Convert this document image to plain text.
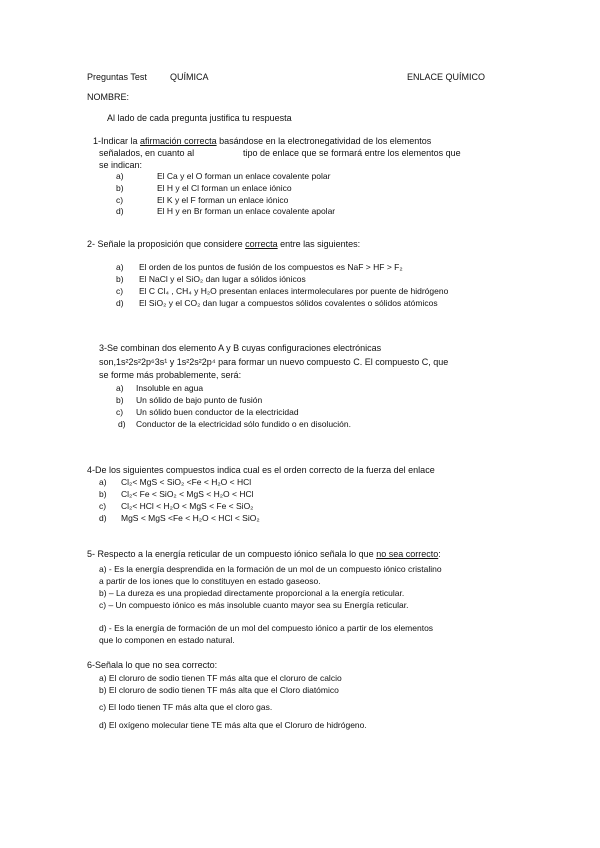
Preguntas Test	QUÍMICA	ENLACE QUÍMICO
NOMBRE:
Al lado de cada pregunta justifica tu respuesta
1-Indicar la afirmación correcta basándose en la electronegatividad de los elementos
señalados, en cuanto al	tipo de enlace que se formará entre los elementos que
se indican:
a)	El Ca y el O forman un enlace covalente polar
b)	El H y el Cl forman un enlace iónico
c)	El K y el F forman un enlace iónico
d)	El H y en Br forman un enlace covalente apolar
2- Señale la proposición que considere correcta entre las siguientes:
a) El orden de los puntos de fusión de los compuestos es NaF > HF > F₂
b) El NaCl y el SiO₂ dan lugar a sólidos iónicos
c) El C Cl₄ , CH₄ y H₂O presentan enlaces intermoleculares por puente de hidrógeno
d) El SiO₂ y el CO₂ dan lugar a compuestos sólidos covalentes o sólidos atómicos
3-Se combinan dos elemento A y B cuyas configuraciones electrónicas
son,1s²2s²2p⁶3s¹ y 1s²2s²2p⁴ para formar un nuevo compuesto C. El compuesto C, que
se forme más probablemente, será:
a) Insoluble en agua
b) Un sólido de bajo punto de fusión
c) Un sólido buen conductor de la electricidad
d) Conductor de la electricidad sólo fundido o en disolución.
4-De los siguientes compuestos indica cual es el orden correcto de la fuerza del enlace
a) Cl₂< MgS < SiO₂ <Fe < H₂O < HCl
b) Cl₂< Fe < SiO₂ < MgS < H₂O < HCl
c) Cl₂< HCl < H₂O < MgS < Fe < SiO₂
d) MgS < MgS <Fe < H₂O < HCl < SiO₂
5- Respecto a la energía reticular de un compuesto iónico señala lo que no sea correcto:
a) - Es la energía desprendida en la formación de un mol de un compuesto iónico cristalino
a partir de los iones que lo constituyen en estado gaseoso.
b) – La dureza es una propiedad directamente proporcional a la energía reticular.
c) – Un compuesto iónico es más insoluble cuanto mayor sea su Energía reticular.
d) - Es la energía de formación de un mol del compuesto iónico a partir de los elementos
que lo componen en estado natural.
6-Señala lo que no sea correcto:
a) El cloruro de sodio tienen TF más alta que el cloruro de calcio
b) El cloruro de sodio tienen TF más alta que el Cloro diatómico
c) El Iodo tienen TF más alta que el cloro gas.
d) El oxígeno molecular tiene TE más alta que el Cloruro de hidrógeno.
